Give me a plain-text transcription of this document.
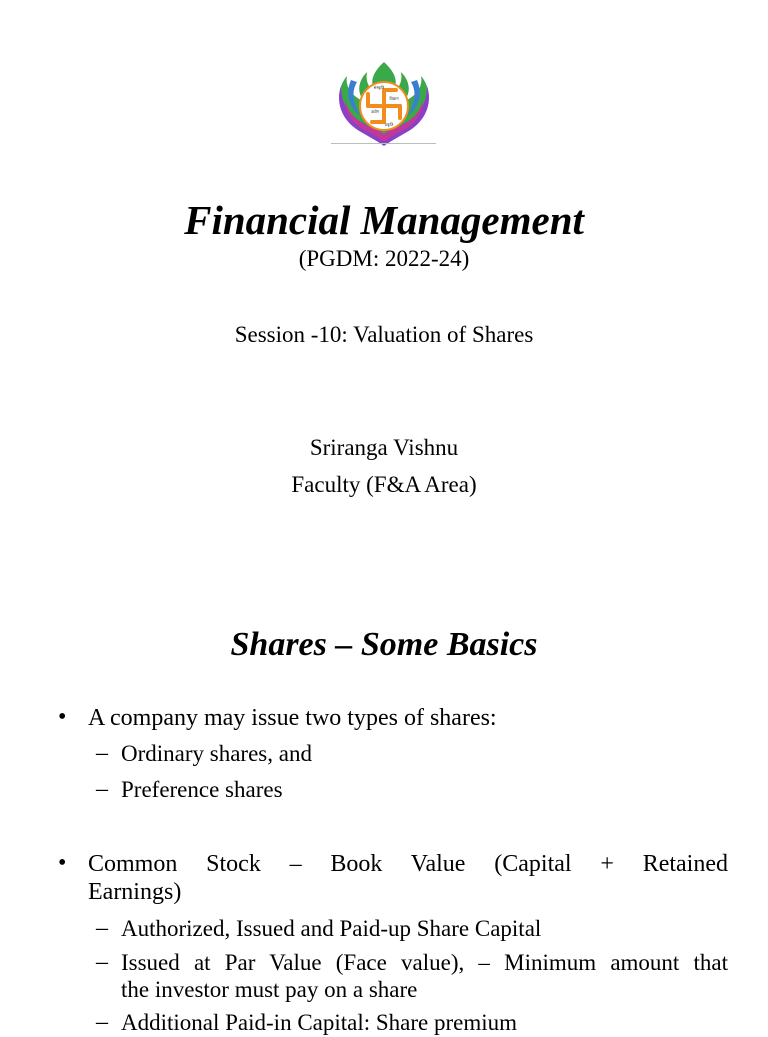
संस्कृति
विज्ञान
उद्योग
प्रकृति
Financial Management
(PGDM: 2022-24)
Session -10: Valuation of Shares
Sriranga Vishnu
Faculty (F&A Area)
Shares – Some Basics
• A company may issue two types of shares:
– Ordinary shares, and
– Preference shares
• Common Stock – Book Value (Capital + Retained
Earnings)
– Authorized, Issued and Paid-up Share Capital
– Issued at Par Value (Face value), – Minimum amount that
the investor must pay on a share
– Additional Paid-in Capital: Share premium
